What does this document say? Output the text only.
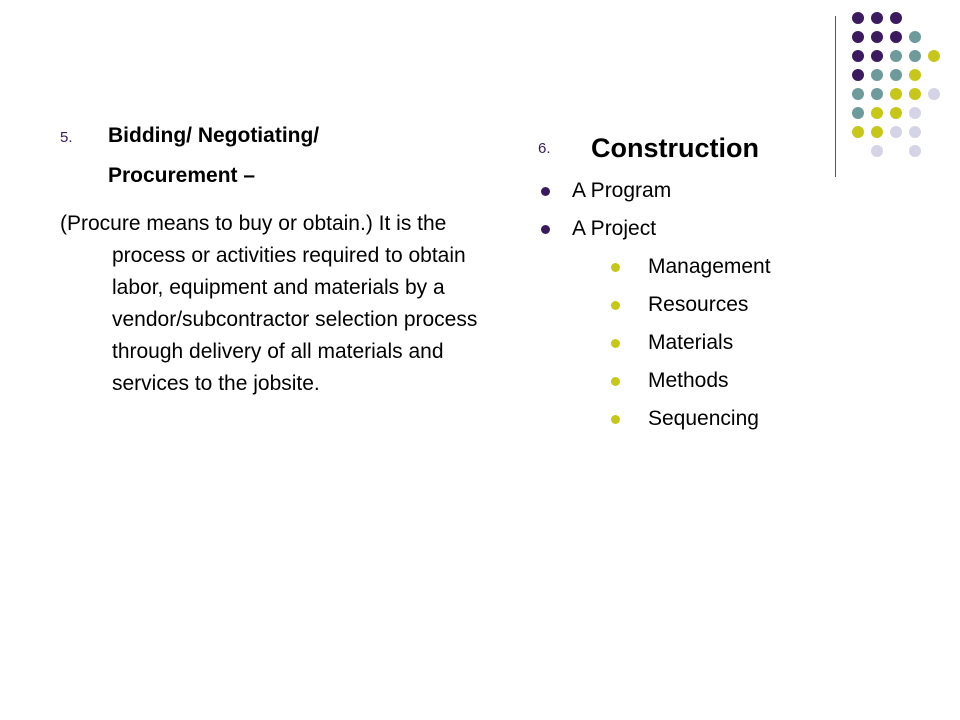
5.	Bidding/ Negotiating/
Procurement –

(Procure means to buy or obtain.) It is the process or activities required to obtain labor, equipment and materials by a vendor/subcontractor selection process through delivery of all materials and services to the jobsite.

6.	Construction
A Program
A Project
Management
Resources
Materials
Methods
Sequencing
